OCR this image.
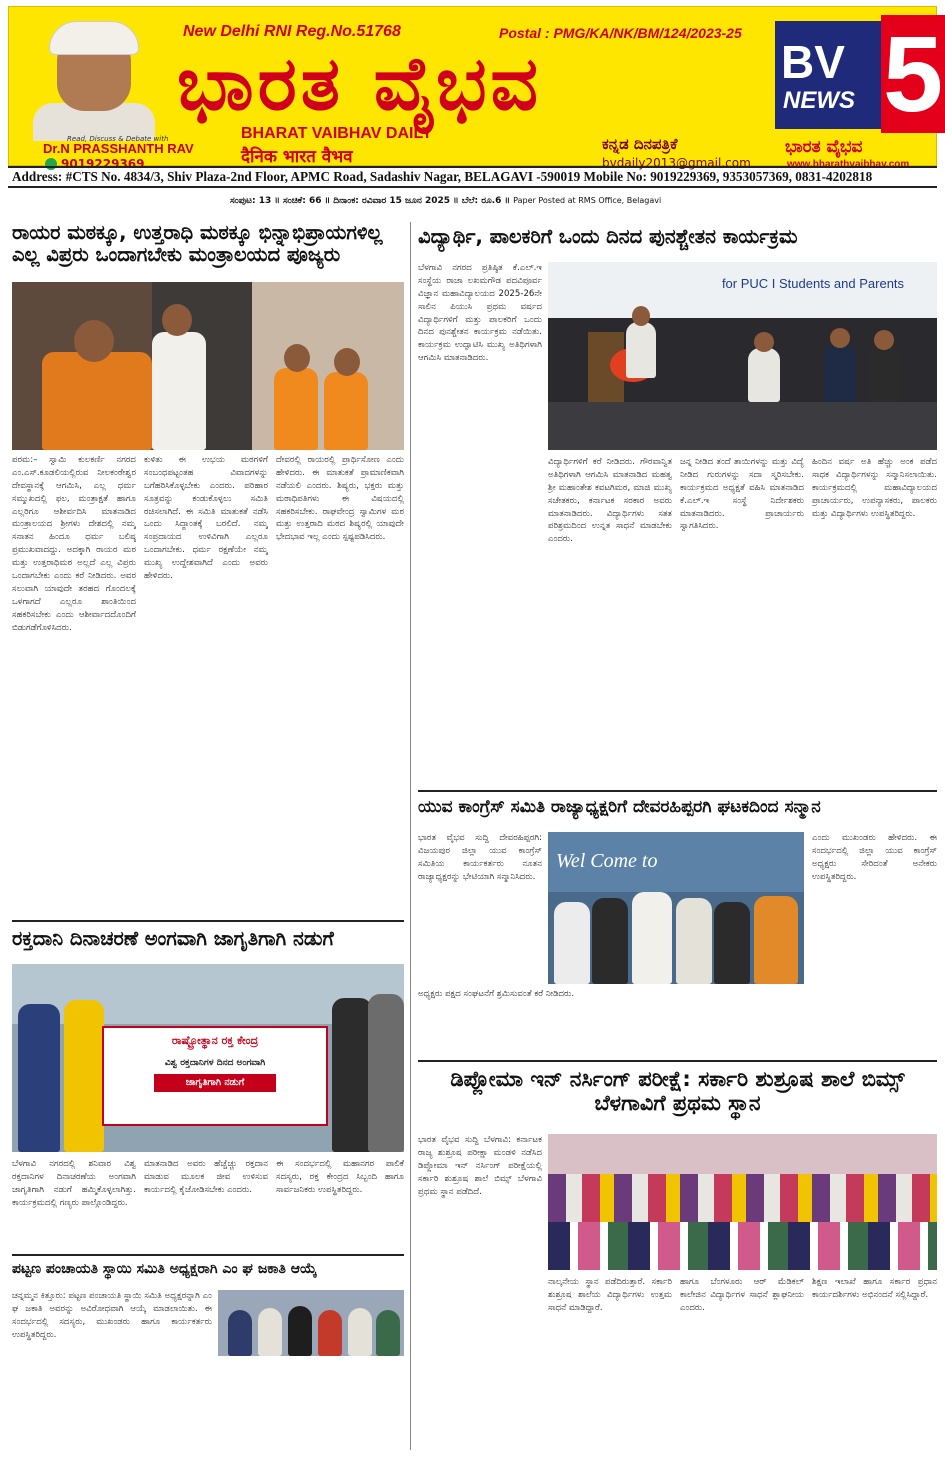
Read, Discuss & Debate with
Dr.N PRASSHANTH RAV
9019229369
New Delhi RNI Reg.No.51768	Postal : PMG/KA/NK/BM/124/2023-25
ಭಾರತ ವೈಭವ
BHARAT VAIBHAV DAILY
दैनिक भारत वैभव
ಕನ್ನಡ ದಿನಪತ್ರಿಕೆ
bvdaily2013@gmail.com
BV
NEWS 5
ಭಾರತ ವೈಭವ
www.bharathvaibhav.com
Address: #CTS No. 4834/3, Shiv Plaza-2nd Floor, APMC Road, Sadashiv Nagar, BELAGAVI -590019 Mobile No: 9019229369, 9353057369, 0831-4202818
ಸಂಪುಟ: 13 ॥ ಸಂಚಿಕೆ: 66 ॥ ದಿನಾಂಕ: ರವಿವಾರ 15 ಜೂನ 2025 ॥ ಬೆಲೆ: ರೂ.6 ॥ Paper Posted at RMS Office, Belagavi
ರಾಯರ ಮಠಕ್ಕೂ, ಉತ್ತರಾಧಿ ಮಠಕ್ಕೂ ಭಿನ್ನಾಭಿಪ್ರಾಯಗಳಿಲ್ಲ ಎಲ್ಲ ವಿಪ್ರರು ಒಂದಾಗಬೇಕು ಮಂತ್ರಾಲಯದ ಪೂಜ್ಯರು
ಪರಮ:– ಸ್ವಾಮಿ ಕುಲಕರ್ಣಿ ನಗರದ ಎಂ.ಎಸ್.ಕೂಡಲಿಯಲ್ಲಿರುವ ನೀಲಕಂಠೇಶ್ವರ ದೇವಸ್ಥಾನಕ್ಕೆ ಆಗಮಿಸಿ, ಎಲ್ಲ ಧರ್ಮ ಸಮ್ಮುಖದಲ್ಲಿ ಫಲ, ಮಂತ್ರಾಕ್ಷತೆ ಹಾಗೂ ಎಲ್ಲರಿಗೂ ಆಶೀರ್ವದಿಸಿ ಮಾತನಾಡಿದ ಮಂತ್ರಾಲಯದ ಶ್ರೀಗಳು ದೇಶದಲ್ಲಿ ನಮ್ಮ ಸನಾತನ ಹಿಂದೂ ಧರ್ಮ ಬಲಿಷ್ಠ ಪ್ರಮುಖವಾದದ್ದು. ಅದಕ್ಕಾಗಿ ರಾಯರ ಮಠ ಮತ್ತು ಉತ್ತರಾಧಿಮಠ ಅಲ್ಲದೆ ಎಲ್ಲ ವಿಪ್ರರು ಒಂದಾಗಬೇಕು ಎಂದು ಕರೆ ನೀಡಿದರು. ಅವರ ಸಲುವಾಗಿ ಯಾವುದೇ ತರಹದ ಗೊಂದಲಕ್ಕೆ ಒಳಗಾಗದೆ ಎಲ್ಲರೂ ಶಾಂತಿಯಿಂದ ಸಹಕರಿಸಬೇಕು ಎಂದು ಆಶೀರ್ವಾದದೊಂದಿಗೆ ಬಿಡುಗಡೆಗೊಳಿಸಿದರು.
ಕುಳಿತು ಈ ಉಭಯ ಮಠಗಳಿಗೆ ಸಂಬಂಧಪಟ್ಟಂತಹ ವಿವಾದಗಳನ್ನು ಬಗೆಹರಿಸಿಕೊಳ್ಳಬೇಕು ಎಂದರು. ಪರಿಹಾರ ಸೂತ್ರವನ್ನು ಕಂಡುಕೊಳ್ಳಲು ಸಮಿತಿ ರಚಿಸಲಾಗಿದೆ. ಈ ಸಮಿತಿ ಮಾತುಕತೆ ನಡೆಸಿ ಒಂದು ಸಿದ್ಧಾಂತಕ್ಕೆ ಬರಲಿದೆ. ನಮ್ಮ ಸಂಪ್ರದಾಯದ ಉಳಿವಿಗಾಗಿ ಎಲ್ಲರೂ ಒಂದಾಗಬೇಕು. ಧರ್ಮ ರಕ್ಷಣೆಯೇ ನಮ್ಮ ಮುಖ್ಯ ಉದ್ದೇಶವಾಗಿದೆ ಎಂದು ಅವರು ಹೇಳಿದರು.
ದೇವರಲ್ಲಿ ರಾಯರಲ್ಲಿ ಪ್ರಾರ್ಥಿಸೋಣ ಎಂದು ಹೇಳಿದರು. ಈ ಮಾತುಕತೆ ಪ್ರಾಮಾಣಿಕವಾಗಿ ನಡೆಯಲಿ ಎಂದರು. ಶಿಷ್ಯರು, ಭಕ್ತರು ಮತ್ತು ಮಠಾಧಿಪತಿಗಳು ಈ ವಿಷಯದಲ್ಲಿ ಸಹಕರಿಸಬೇಕು. ರಾಘವೇಂದ್ರ ಸ್ವಾಮಿಗಳ ಮಠ ಮತ್ತು ಉತ್ತರಾದಿ ಮಠದ ಶಿಷ್ಯರಲ್ಲಿ ಯಾವುದೇ ಭೇದಭಾವ ಇಲ್ಲ ಎಂದು ಸ್ಪಷ್ಟಪಡಿಸಿದರು.
ರಕ್ತದಾನಿ ದಿನಾಚರಣೆ ಅಂಗವಾಗಿ ಜಾಗೃತಿಗಾಗಿ ನಡುಗೆ
ರಾಷ್ಟ್ರೋತ್ಥಾನ ರಕ್ತ ಕೇಂದ್ರ
ವಿಶ್ವ ರಕ್ತದಾನಿಗಳ ದಿನದ ಅಂಗವಾಗಿ
ಜಾಗೃತಿಗಾಗಿ ನಡುಗೆ
ಬೆಳಗಾವಿ ನಗರದಲ್ಲಿ ಶನಿವಾರ ವಿಶ್ವ ರಕ್ತದಾನಿಗಳ ದಿನಾಚರಣೆಯ ಅಂಗವಾಗಿ ಜಾಗೃತಿಗಾಗಿ ನಡುಗೆ ಹಮ್ಮಿಕೊಳ್ಳಲಾಗಿತ್ತು. ಕಾರ್ಯಕ್ರಮದಲ್ಲಿ ಗಣ್ಯರು ಪಾಲ್ಗೊಂಡಿದ್ದರು.
ಮಾತನಾಡಿದ ಅವರು ಹೆಚ್ಚೆಚ್ಚು ರಕ್ತದಾನ ಮಾಡುವ ಮೂಲಕ ಜೀವ ಉಳಿಸುವ ಕಾರ್ಯದಲ್ಲಿ ಕೈಜೋಡಿಸಬೇಕು ಎಂದರು.
ಈ ಸಂದರ್ಭದಲ್ಲಿ ಮಹಾನಗರ ಪಾಲಿಕೆ ಸದಸ್ಯರು, ರಕ್ತ ಕೇಂದ್ರದ ಸಿಬ್ಬಂದಿ ಹಾಗೂ ಸಾರ್ವಜನಿಕರು ಉಪಸ್ಥಿತರಿದ್ದರು.
ಪಟ್ಟಣ ಪಂಚಾಯತಿ ಸ್ಥಾಯಿ ಸಮಿತಿ ಅಧ್ಯಕ್ಷರಾಗಿ ಎಂ ಘ ಜಕಾತಿ ಆಯ್ಕೆ
ಚನ್ನಮ್ಮನ ಕಿತ್ತೂರು: ಪಟ್ಟಣ ಪಂಚಾಯತಿ ಸ್ಥಾಯಿ ಸಮಿತಿ ಅಧ್ಯಕ್ಷರನ್ನಾಗಿ ಎಂ ಘ ಜಕಾತಿ ಅವರನ್ನು ಅವಿರೋಧವಾಗಿ ಆಯ್ಕೆ ಮಾಡಲಾಯಿತು. ಈ ಸಂದರ್ಭದಲ್ಲಿ ಸದಸ್ಯರು, ಮುಖಂಡರು ಹಾಗೂ ಕಾರ್ಯಕರ್ತರು ಉಪಸ್ಥಿತರಿದ್ದರು.
ವಿದ್ಯಾರ್ಥಿ, ಪಾಲಕರಿಗೆ ಒಂದು ದಿನದ ಪುನಶ್ಚೇತನ ಕಾರ್ಯಕ್ರಮ
ಬೆಳಗಾವಿ ನಗರದ ಪ್ರತಿಷ್ಠಿತ ಕೆ.ಎಲ್.ಇ ಸಂಸ್ಥೆಯ ರಾಜಾ ಲಖಮಗೌಡ ಪದವಿಪೂರ್ವ ವಿಜ್ಞಾನ ಮಹಾವಿದ್ಯಾಲಯದ 2025-26ನೇ ಸಾಲಿನ ಪಿಯುಸಿ ಪ್ರಥಮ ವರ್ಷದ ವಿದ್ಯಾರ್ಥಿಗಳಿಗೆ ಮತ್ತು ಪಾಲಕರಿಗೆ ಒಂದು ದಿನದ ಪುನಶ್ಚೇತನ ಕಾರ್ಯಕ್ರಮ ನಡೆಯಿತು. ಕಾರ್ಯಕ್ರಮ ಉದ್ಘಾಟಿಸಿ ಮುಖ್ಯ ಅತಿಥಿಗಳಾಗಿ ಆಗಮಿಸಿ ಮಾತನಾಡಿದರು.
for PUC I Students and Parents
ವಿದ್ಯಾರ್ಥಿಗಳಿಗೆ ಕರೆ ನೀಡಿದರು. ಗೌರವಾನ್ವಿತ ಅತಿಥಿಗಳಾಗಿ ಆಗಮಿಸಿ ಮಾತನಾಡಿದ ಮಹತ್ವ ಶ್ರೀ ಮಹಾಂತೇಶ ಕವಟಗಿಮಠ, ಮಾಜಿ ಮುಖ್ಯ ಸಚೇತಕರು, ಕರ್ನಾಟಕ ಸರಕಾರ ಅವರು ಮಾತನಾಡಿದರು. ವಿದ್ಯಾರ್ಥಿಗಳು ಸತತ ಪರಿಶ್ರಮದಿಂದ ಉನ್ನತ ಸಾಧನೆ ಮಾಡಬೇಕು ಎಂದರು.
ಜನ್ನ ನೀಡಿದ ತಂದೆ ತಾಯಿಗಳನ್ನು ಮತ್ತು ವಿದ್ಯೆ ನೀಡಿದ ಗುರುಗಳನ್ನು ಸದಾ ಸ್ಮರಿಸಬೇಕು. ಕಾರ್ಯಕ್ರಮದ ಅಧ್ಯಕ್ಷತೆ ವಹಿಸಿ ಮಾತನಾಡಿದ ಕೆ.ಎಲ್.ಇ ಸಂಸ್ಥೆ ನಿರ್ದೇಶಕರು ಮಾತನಾಡಿದರು. ಪ್ರಾಚಾರ್ಯರು ಸ್ವಾಗತಿಸಿದರು.
ಹಿಂದಿನ ವರ್ಷ ಅತಿ ಹೆಚ್ಚು ಅಂಕ ಪಡೆದ ಸಾಧಕ ವಿದ್ಯಾರ್ಥಿಗಳನ್ನು ಸನ್ಮಾನಿಸಲಾಯಿತು. ಕಾರ್ಯಕ್ರಮದಲ್ಲಿ ಮಹಾವಿದ್ಯಾಲಯದ ಪ್ರಾಚಾರ್ಯರು, ಉಪನ್ಯಾಸಕರು, ಪಾಲಕರು ಮತ್ತು ವಿದ್ಯಾರ್ಥಿಗಳು ಉಪಸ್ಥಿತರಿದ್ದರು.
ಯುವ ಕಾಂಗ್ರೆಸ್ ಸಮಿತಿ ರಾಜ್ಯಾಧ್ಯಕ್ಷರಿಗೆ ದೇವರಹಿಪ್ಪರಗಿ ಘಟಕದಿಂದ ಸನ್ಮಾನ
ಭಾರತ ವೈಭವ ಸುದ್ದಿ ದೇವರಹಿಪ್ಪರಗಿ: ವಿಜಯಪುರ ಜಿಲ್ಲಾ ಯುವ ಕಾಂಗ್ರೆಸ್ ಸಮಿತಿಯ ಕಾರ್ಯಕರ್ತರು ನೂತನ ರಾಜ್ಯಾಧ್ಯಕ್ಷರನ್ನು ಭೇಟಿಯಾಗಿ ಸನ್ಮಾನಿಸಿದರು.
Wel Come to
ಎಂದು ಮುಖಂಡರು ಹೇಳಿದರು. ಈ ಸಂದರ್ಭದಲ್ಲಿ ಜಿಲ್ಲಾ ಯುವ ಕಾಂಗ್ರೆಸ್ ಅಧ್ಯಕ್ಷರು ಸೇರಿದಂತೆ ಅನೇಕರು ಉಪಸ್ಥಿತರಿದ್ದರು.
ಅಧ್ಯಕ್ಷರು ಪಕ್ಷದ ಸಂಘಟನೆಗೆ ಶ್ರಮಿಸುವಂತೆ ಕರೆ ನೀಡಿದರು.
ಡಿಪ್ಲೋಮಾ ಇನ್ ನರ್ಸಿಂಗ್ ಪರೀಕ್ಷೆ: ಸರ್ಕಾರಿ ಶುಶ್ರೂಷ ಶಾಲೆ ಬಿಮ್ಸ್ ಬೆಳಗಾವಿಗೆ ಪ್ರಥಮ ಸ್ಥಾನ
ಭಾರತ ವೈಭವ ಸುದ್ದಿ ಬೆಳಗಾವಿ: ಕರ್ನಾಟಕ ರಾಜ್ಯ ಶುಶ್ರೂಷ ಪರೀಕ್ಷಾ ಮಂಡಳಿ ನಡೆಸಿದ ಡಿಪ್ಲೋಮಾ ಇನ್ ನರ್ಸಿಂಗ್ ಪರೀಕ್ಷೆಯಲ್ಲಿ ಸರ್ಕಾರಿ ಶುಶ್ರೂಷ ಶಾಲೆ ಬಿಮ್ಸ್ ಬೆಳಗಾವಿ ಪ್ರಥಮ ಸ್ಥಾನ ಪಡೆದಿದೆ.
ನಾಲ್ಕನೇಯ ಸ್ಥಾನ ಪಡೆದಿರುತ್ತಾರೆ. ಸರ್ಕಾರಿ ಶುಶ್ರೂಷ ಶಾಲೆಯ ವಿದ್ಯಾರ್ಥಿಗಳು ಉತ್ತಮ ಸಾಧನೆ ಮಾಡಿದ್ದಾರೆ.
ಹಾಗೂ ಬೆಂಗಳೂರು ಆರ್ ಮೆಡಿಕಲ್ ಕಾಲೇಜಿನ ವಿದ್ಯಾರ್ಥಿಗಳ ಸಾಧನೆ ಶ್ಲಾಘನೀಯ ಎಂದರು.
ಶಿಕ್ಷಣ ಇಲಾಖೆ ಹಾಗೂ ಸರ್ಕಾರ ಪ್ರಧಾನ ಕಾರ್ಯದರ್ಶಿಗಳು ಅಭಿನಂದನೆ ಸಲ್ಲಿಸಿದ್ದಾರೆ.
